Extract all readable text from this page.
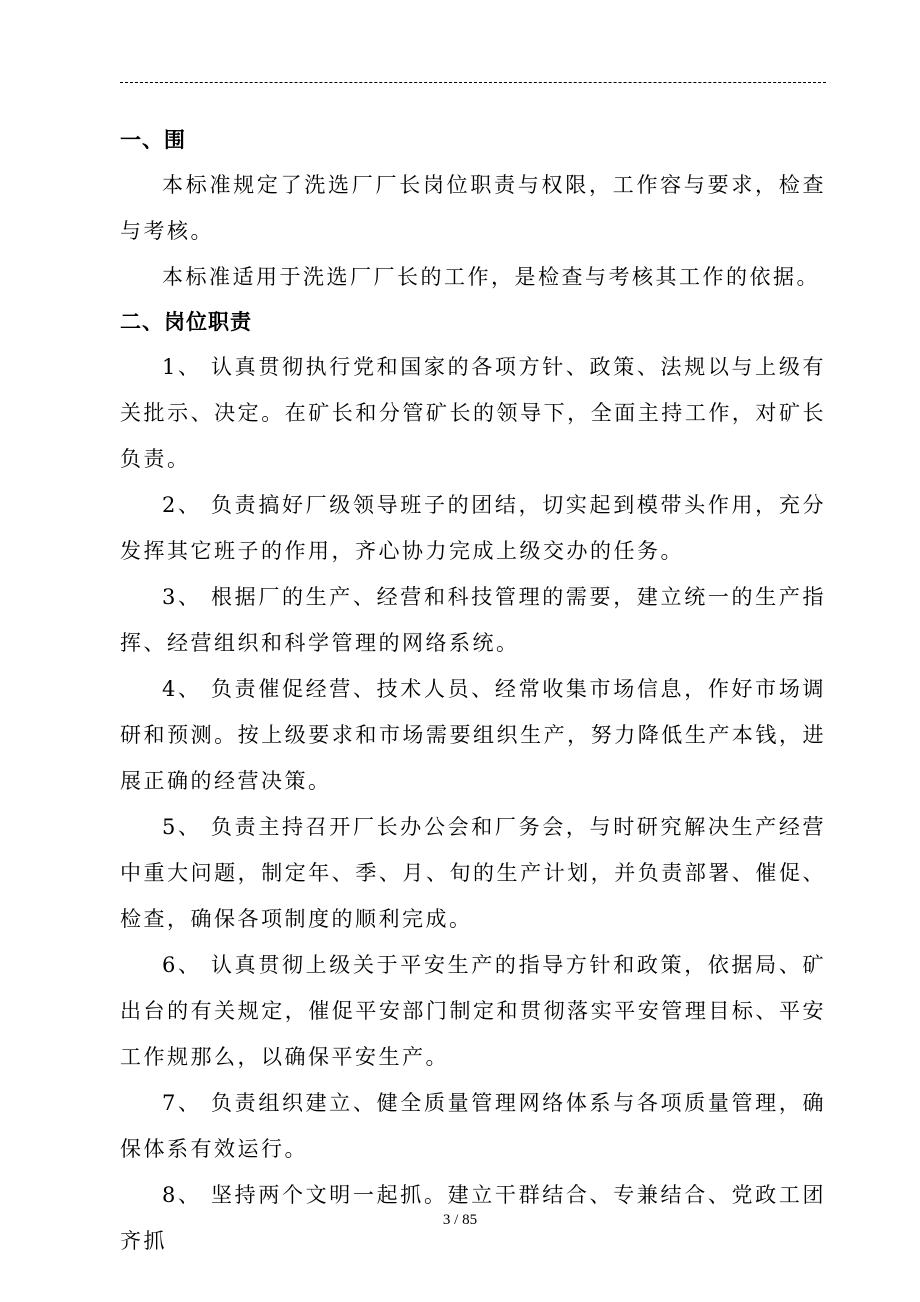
一、围

本标准规定了洗选厂厂长岗位职责与权限，工作容与要求，检查与考核。

本标准适用于洗选厂厂长的工作，是检查与考核其工作的依据。

二、岗位职责

1、 认真贯彻执行党和国家的各项方针、政策、法规以与上级有关批示、决定。在矿长和分管矿长的领导下，全面主持工作，对矿长负责。

2、 负责搞好厂级领导班子的团结，切实起到模带头作用，充分发挥其它班子的作用，齐心协力完成上级交办的任务。

3、 根据厂的生产、经营和科技管理的需要，建立统一的生产指挥、经营组织和科学管理的网络系统。

4、 负责催促经营、技术人员、经常收集市场信息，作好市场调研和预测。按上级要求和市场需要组织生产，努力降低生产本钱，进展正确的经营决策。

5、 负责主持召开厂长办公会和厂务会，与时研究解决生产经营中重大问题，制定年、季、月、旬的生产计划，并负责部署、催促、检查，确保各项制度的顺利完成。

6、 认真贯彻上级关于平安生产的指导方针和政策，依据局、矿出台的有关规定，催促平安部门制定和贯彻落实平安管理目标、平安工作规那么，以确保平安生产。

7、 负责组织建立、健全质量管理网络体系与各项质量管理，确保体系有效运行。

8、 坚持两个文明一起抓。建立干群结合、专兼结合、党政工团齐抓

3 / 85
